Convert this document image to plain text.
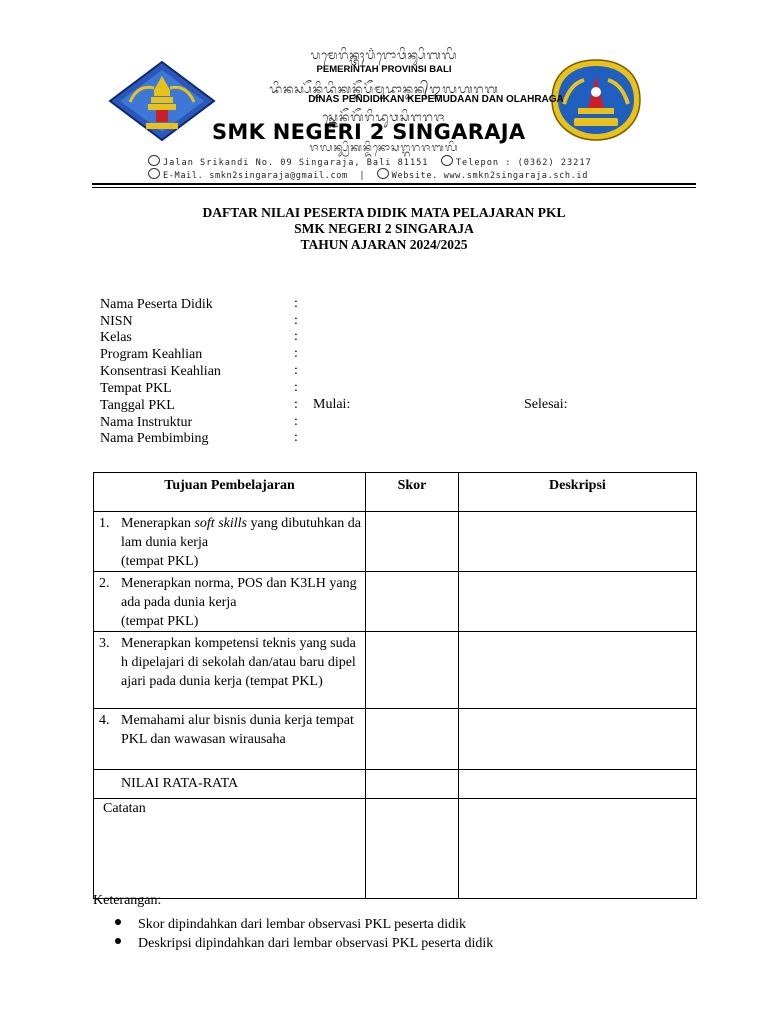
ᬧᬫᬾᬭᬶᬦ᭄ᬢᬄᬧ᬴ᬭᭀᬯᬶᬦ᭄ᬲᬶᬩᬮᬶ
PEMERINTAH PROVINSI BALI
ᬤᬶᬦᬲ᭄ᬧᭂᬦ᭄ᬤᬶᬤᬶᬓᬦ᭄ᬓᭂᬧᭂᬫᬸᬤᬵᬦ᭄ᬤᬦ᭄ᬑᬮᬳᬭᬕ
DINAS PENDIDIKAN KEPEMUDAAN DAN OLAHRAGA
ᬲ᭄ᬫ᭄ᬓᬾᬦᭂᬕᭂᬭᬶᬤᬸᬯᬲᬶᬗᬭᬚ
SMK NEGERI 2 SINGARAJA
ᬚᬮᬦ᭄ᬲ᭄ᬭᬶᬓᬦ᭄ᬤᬶᬦᭀᬲᬗ᭄ᬕᬭᬚᬩᬮᬶ
Jalan Srikandi No. 09 Singaraja, Bali 81151	Telepon : (0362) 23217
E-Mail. smkn2singaraja@gmail.com |	Website. www.smkn2singaraja.sch.id
DAFTAR NILAI PESERTA DIDIK MATA PELAJARAN PKL
SMK NEGERI 2 SINGARAJA
TAHUN AJARAN 2024/2025
Nama Peserta Didik	:
NISN	:
Kelas	:
Program Keahlian	:
Konsentrasi Keahlian	:
Tempat PKL	:
Tanggal PKL	: Mulai:	Selesai:
Nama Instruktur	:
Nama Pembimbing	:
Tujuan Pembelajaran	Skor	Deskripsi

1. Menerapkan soft skills yang dibutuhkan dalam dunia kerja
(tempat PKL)		

2. Menerapkan norma, POS dan K3LH yang ada pada dunia kerja
(tempat PKL)		

3. Menerapkan kompetensi teknis yang sudah dipelajari di sekolah dan/atau baru dipelajari pada dunia kerja (tempat PKL)		

4. Memahami alur bisnis dunia kerja tempat PKL dan wawasan wirausaha		

NILAI RATA-RATA		

Catatan		

Keterangan:
Skor dipindahkan dari lembar observasi PKL peserta didik
Deskripsi dipindahkan dari lembar observasi PKL peserta didik
